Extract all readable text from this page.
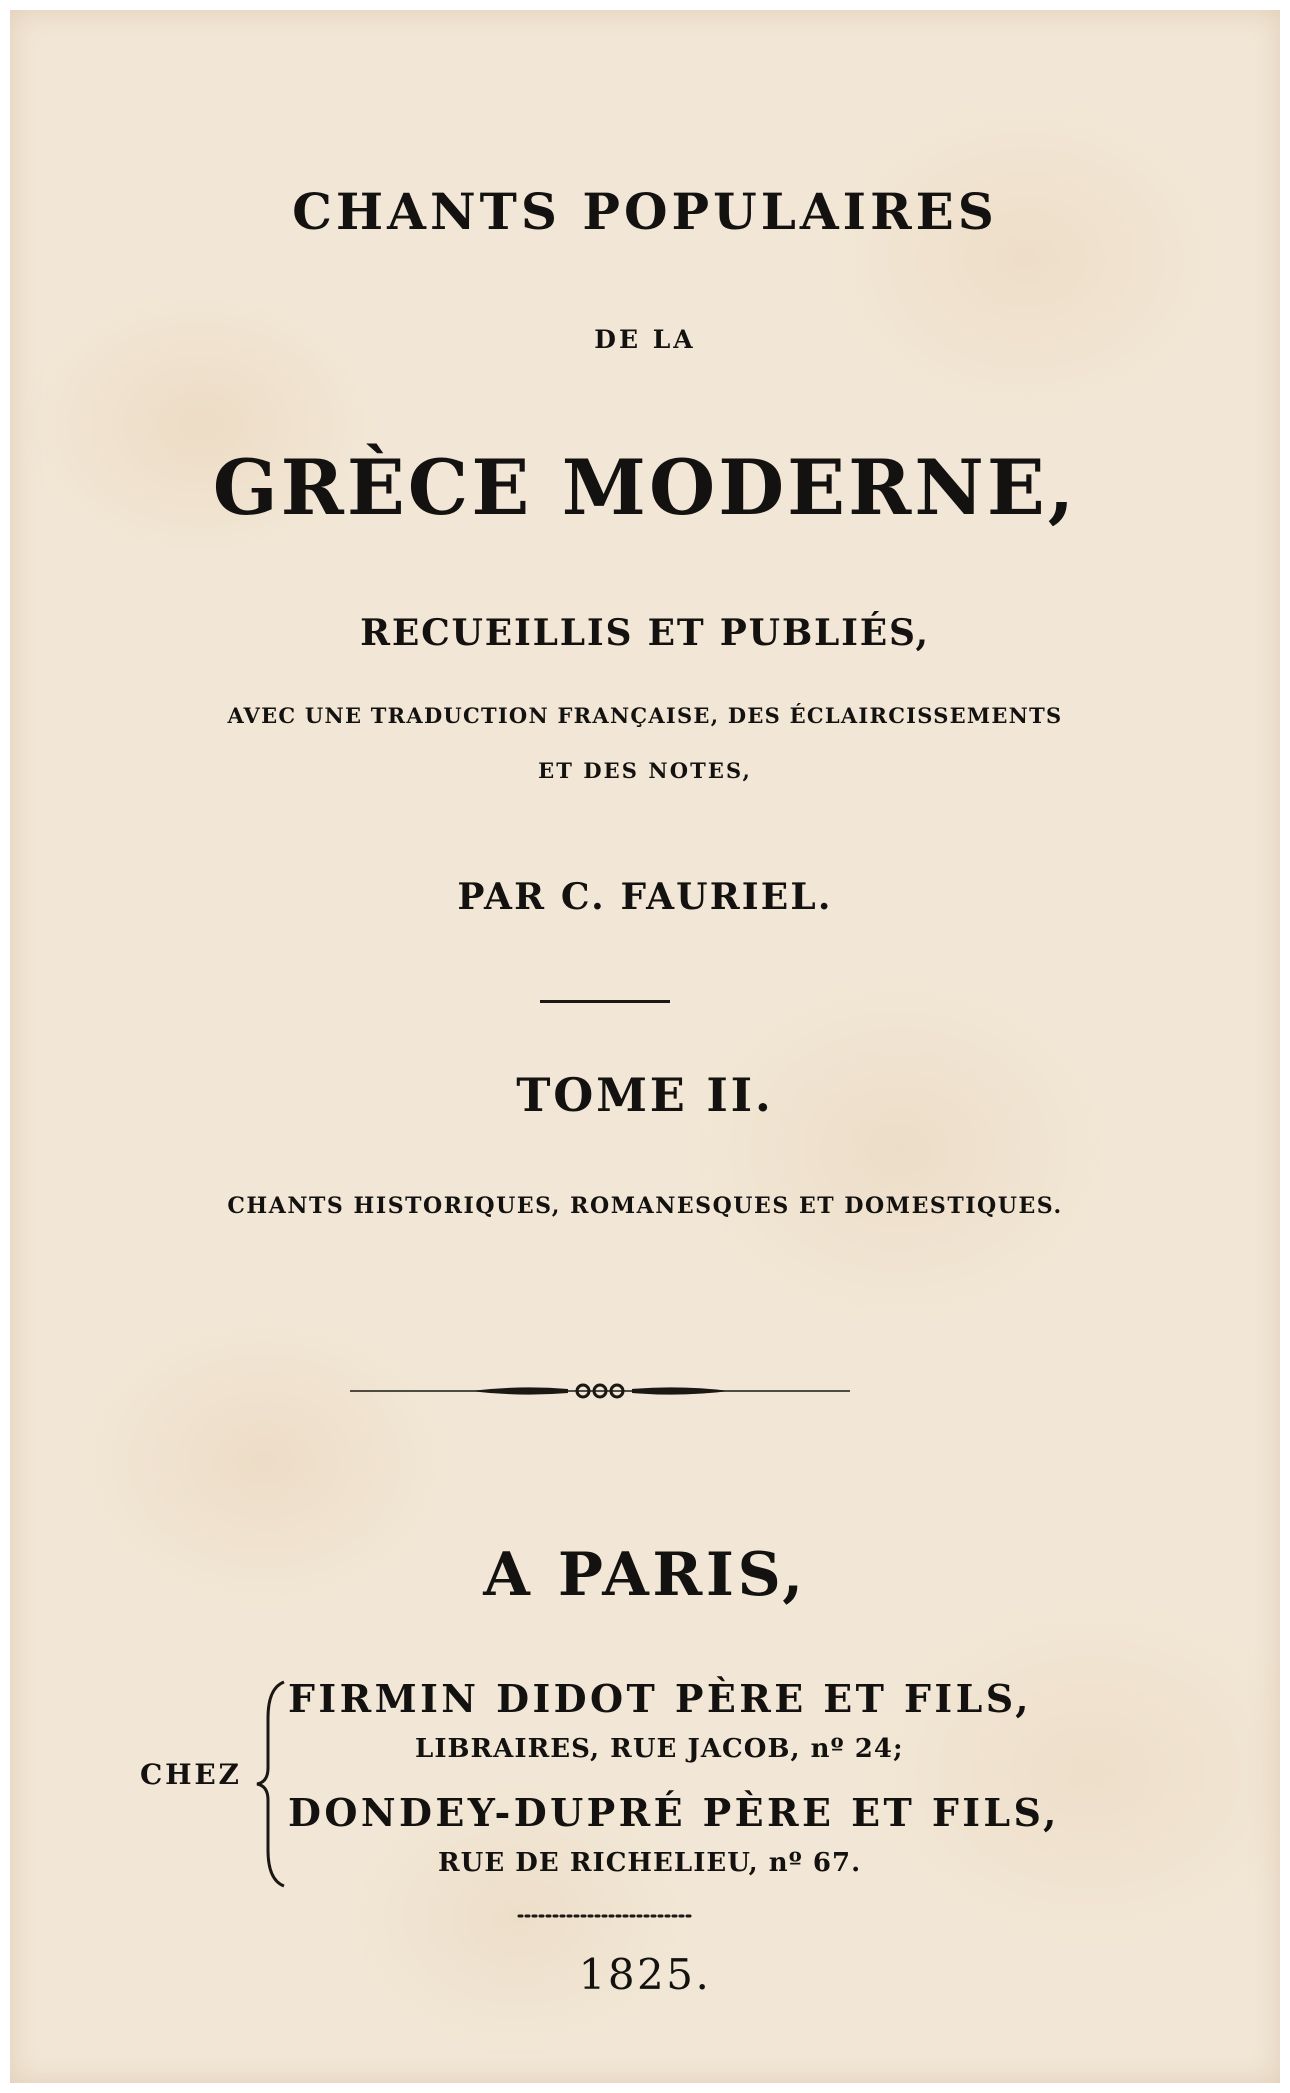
CHANTS POPULAIRES
DE LA
GRÈCE MODERNE,
RECUEILLIS ET PUBLIÉS,
AVEC UNE TRADUCTION FRANÇAISE, DES ÉCLAIRCISSEMENTS
ET DES NOTES,
PAR C. FAURIEL.
TOME II.
CHANTS HISTORIQUES, ROMANESQUES ET DOMESTIQUES.
A PARIS,
CHEZ
FIRMIN DIDOT PÈRE ET FILS,
LIBRAIRES, RUE JACOB, nº 24;
DONDEY-DUPRÉ PÈRE ET FILS,
RUE DE RICHELIEU, nº 67.
1825.
